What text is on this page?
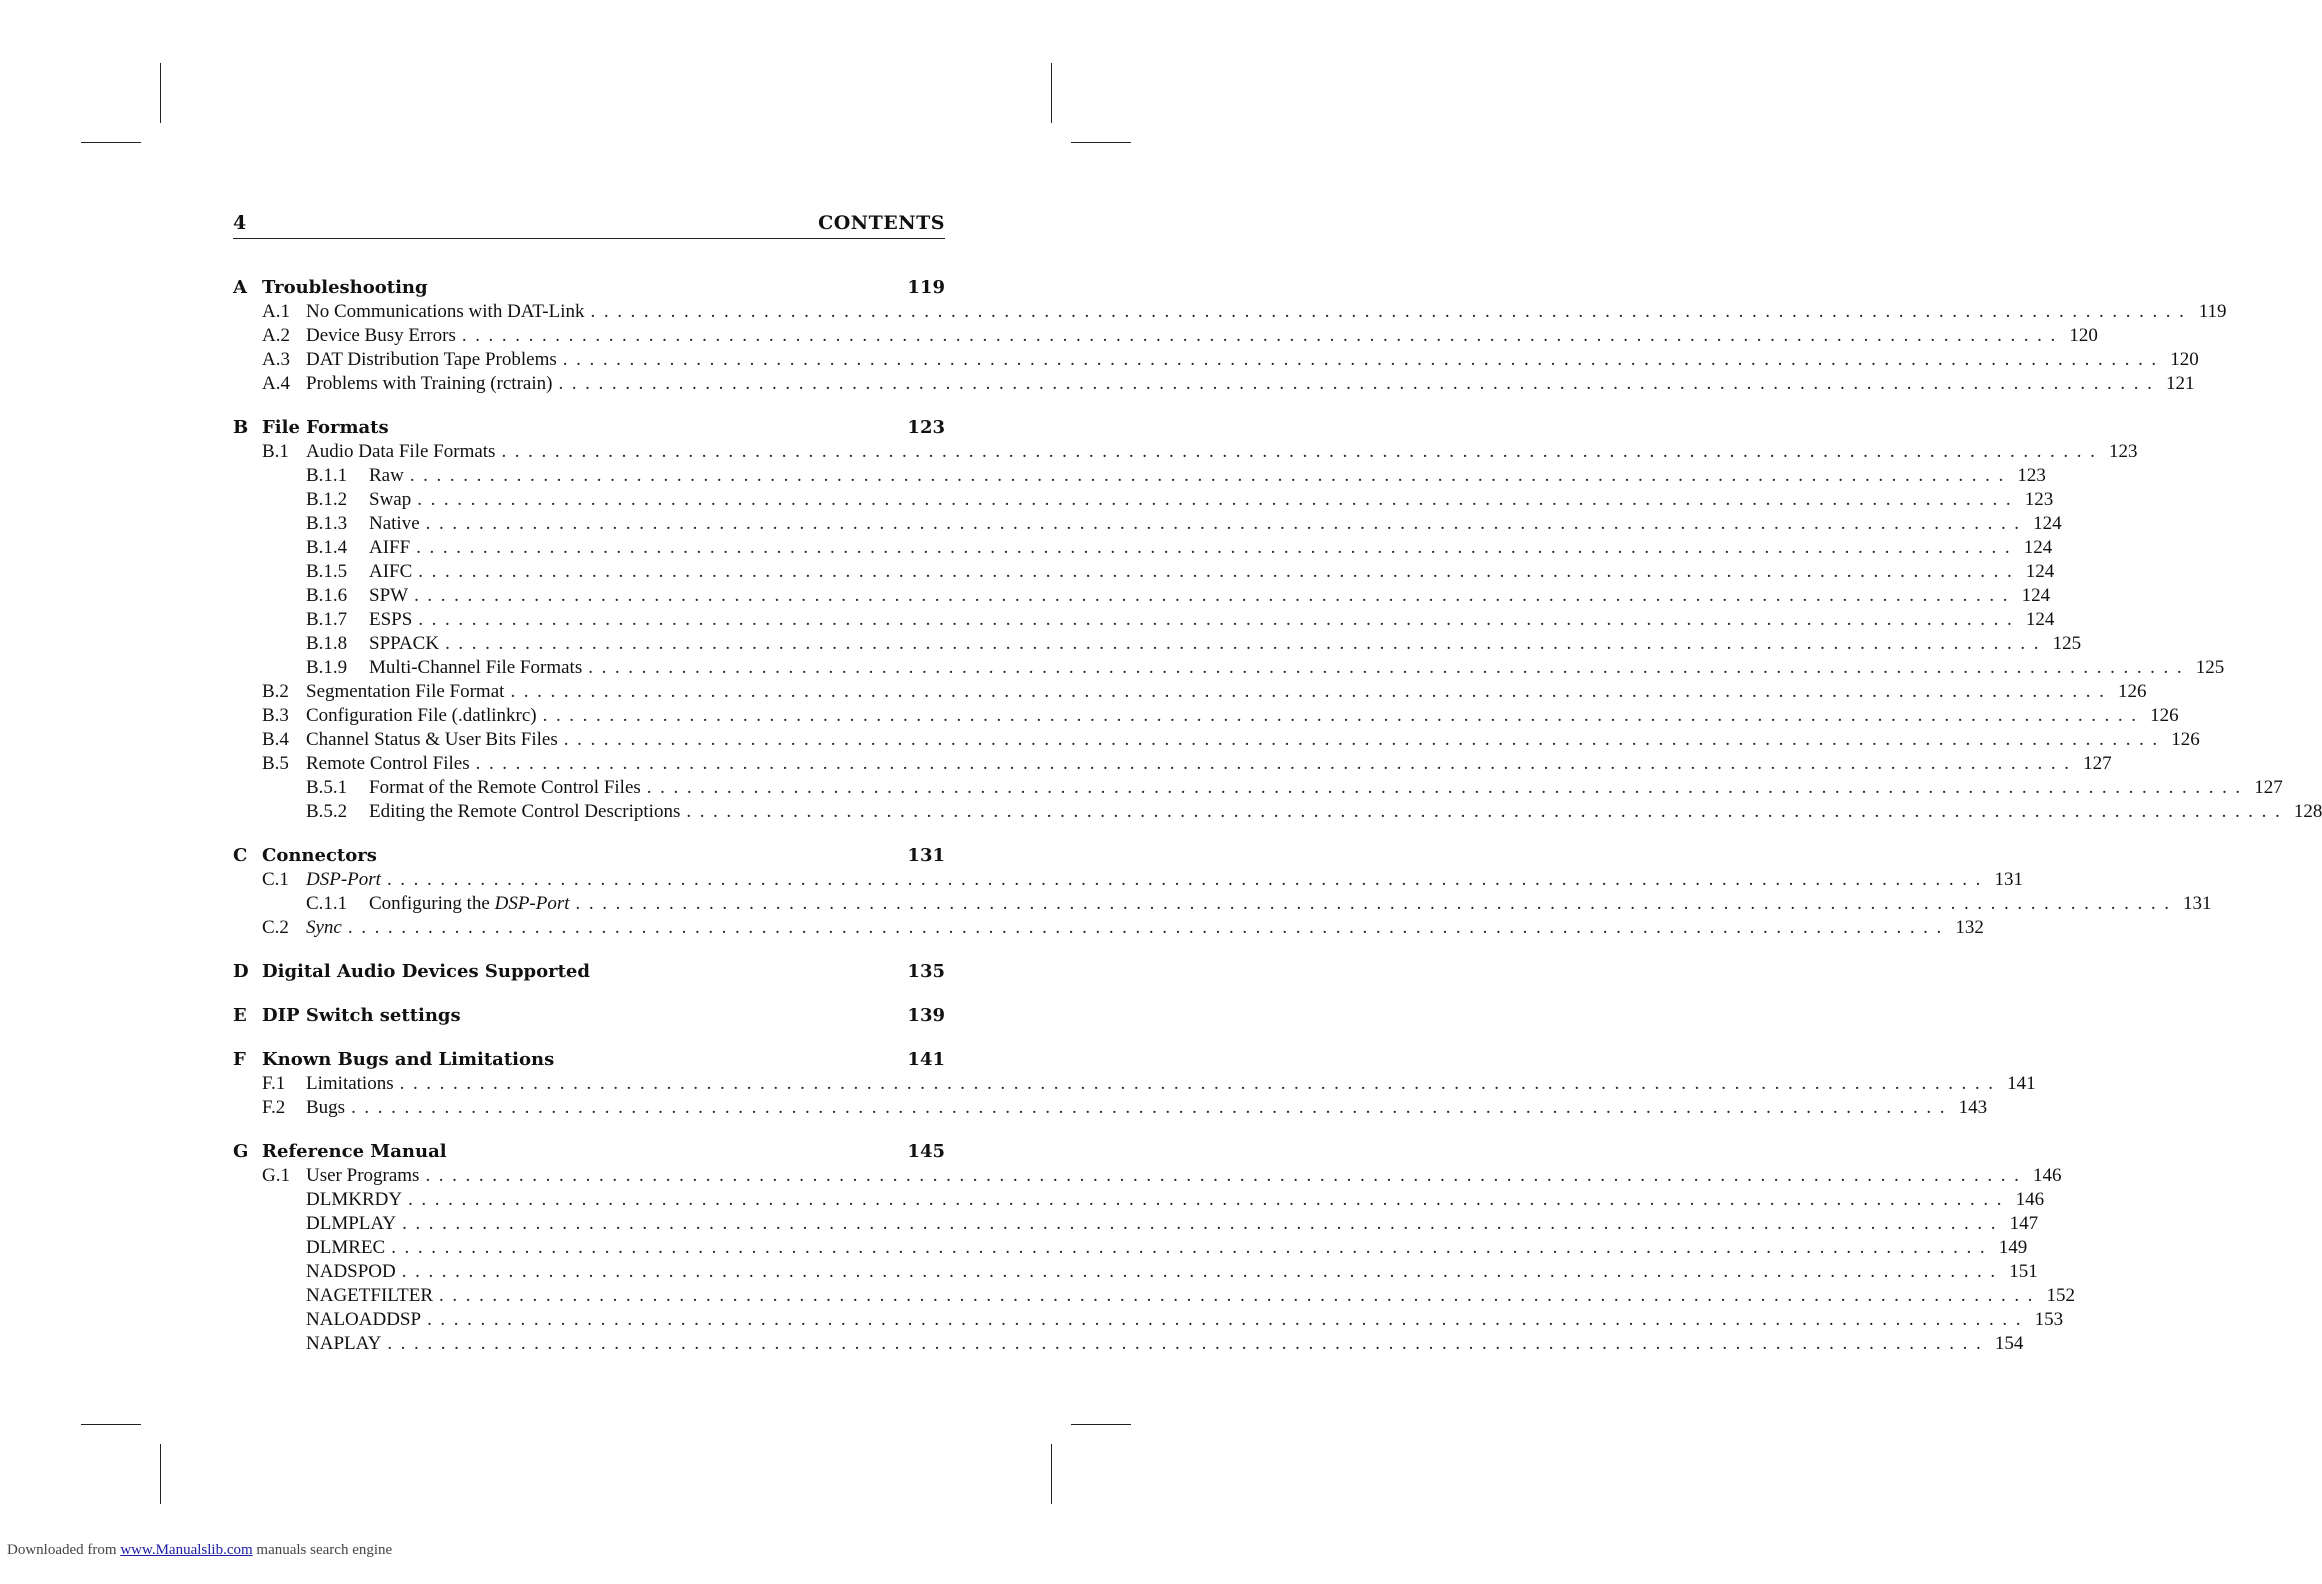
4	CONTENTS
A Troubleshooting	119
A.1 No Communications with DAT-Link ........................................................................................................................ 119
A.2 Device Busy Errors ........................................................................................................................ 120
A.3 DAT Distribution Tape Problems ........................................................................................................................ 120
A.4 Problems with Training (rctrain) ........................................................................................................................ 121
B File Formats	123
B.1 Audio Data File Formats ........................................................................................................................ 123
B.1.1 Raw ........................................................................................................................ 123
B.1.2 Swap ........................................................................................................................ 123
B.1.3 Native ........................................................................................................................ 124
B.1.4 AIFF ........................................................................................................................ 124
B.1.5 AIFC ........................................................................................................................ 124
B.1.6 SPW ........................................................................................................................ 124
B.1.7 ESPS ........................................................................................................................ 124
B.1.8 SPPACK ........................................................................................................................ 125
B.1.9 Multi-Channel File Formats ........................................................................................................................ 125
B.2 Segmentation File Format ........................................................................................................................ 126
B.3 Configuration File (.datlinkrc) ........................................................................................................................ 126
B.4 Channel Status & User Bits Files ........................................................................................................................ 126
B.5 Remote Control Files ........................................................................................................................ 127
B.5.1 Format of the Remote Control Files ........................................................................................................................ 127
B.5.2 Editing the Remote Control Descriptions ........................................................................................................................ 128
C Connectors	131
C.1 DSP-Port ........................................................................................................................ 131
C.1.1 Configuring the DSP-Port ........................................................................................................................ 131
C.2 Sync ........................................................................................................................ 132
D Digital Audio Devices Supported	135
E DIP Switch settings	139
F Known Bugs and Limitations	141
F.1 Limitations ........................................................................................................................ 141
F.2 Bugs ........................................................................................................................ 143
G Reference Manual	145
G.1 User Programs ........................................................................................................................ 146
DLMKRDY ........................................................................................................................ 146
DLMPLAY ........................................................................................................................ 147
DLMREC ........................................................................................................................ 149
NADSPOD ........................................................................................................................ 151
NAGETFILTER ........................................................................................................................ 152
NALOADDSP ........................................................................................................................ 153
NAPLAY ........................................................................................................................ 154
Downloaded from www.Manualslib.com manuals search engine
